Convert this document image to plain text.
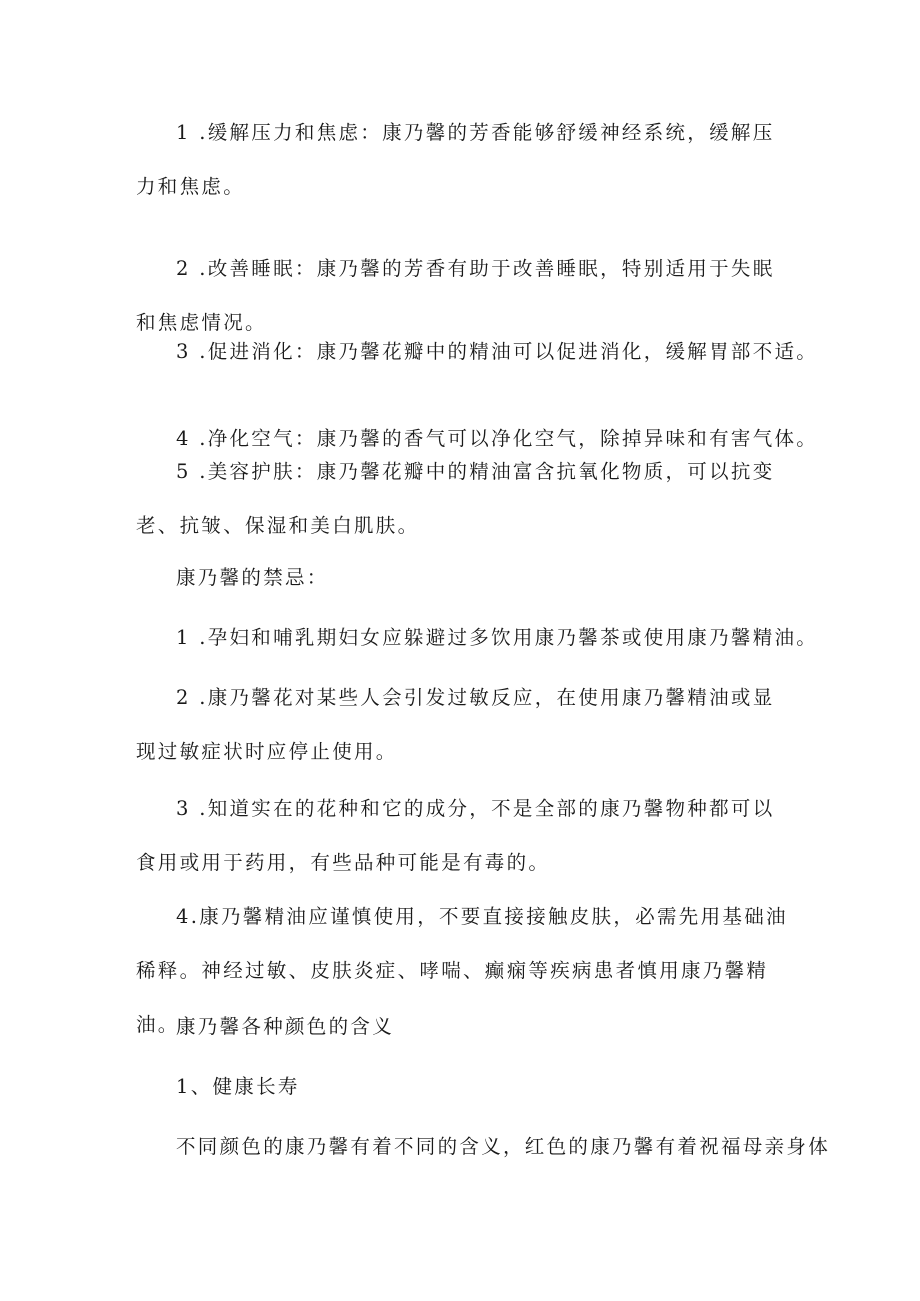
1 .缓解压力和焦虑：康乃馨的芳香能够舒缓神经系统，缓解压力和焦虑。

2 .改善睡眠：康乃馨的芳香有助于改善睡眠，特别适用于失眠和焦虑情况。

3 .促进消化：康乃馨花瓣中的精油可以促进消化，缓解胃部不适。

4 .净化空气：康乃馨的香气可以净化空气，除掉异味和有害气体。

5 .美容护肤：康乃馨花瓣中的精油富含抗氧化物质，可以抗变老、抗皱、保湿和美白肌肤。

康乃馨的禁忌：

1 .孕妇和哺乳期妇女应躲避过多饮用康乃馨茶或使用康乃馨精油。

2 .康乃馨花对某些人会引发过敏反应，在使用康乃馨精油或显现过敏症状时应停止使用。

3 .知道实在的花种和它的成分，不是全部的康乃馨物种都可以食用或用于药用，有些品种可能是有毒的。

4.康乃馨精油应谨慎使用，不要直接接触皮肤，必需先用基础油稀释。神经过敏、皮肤炎症、哮喘、癫痫等疾病患者慎用康乃馨精油。

康乃馨各种颜色的含义

1、健康长寿

不同颜色的康乃馨有着不同的含义，红色的康乃馨有着祝福母亲身体
